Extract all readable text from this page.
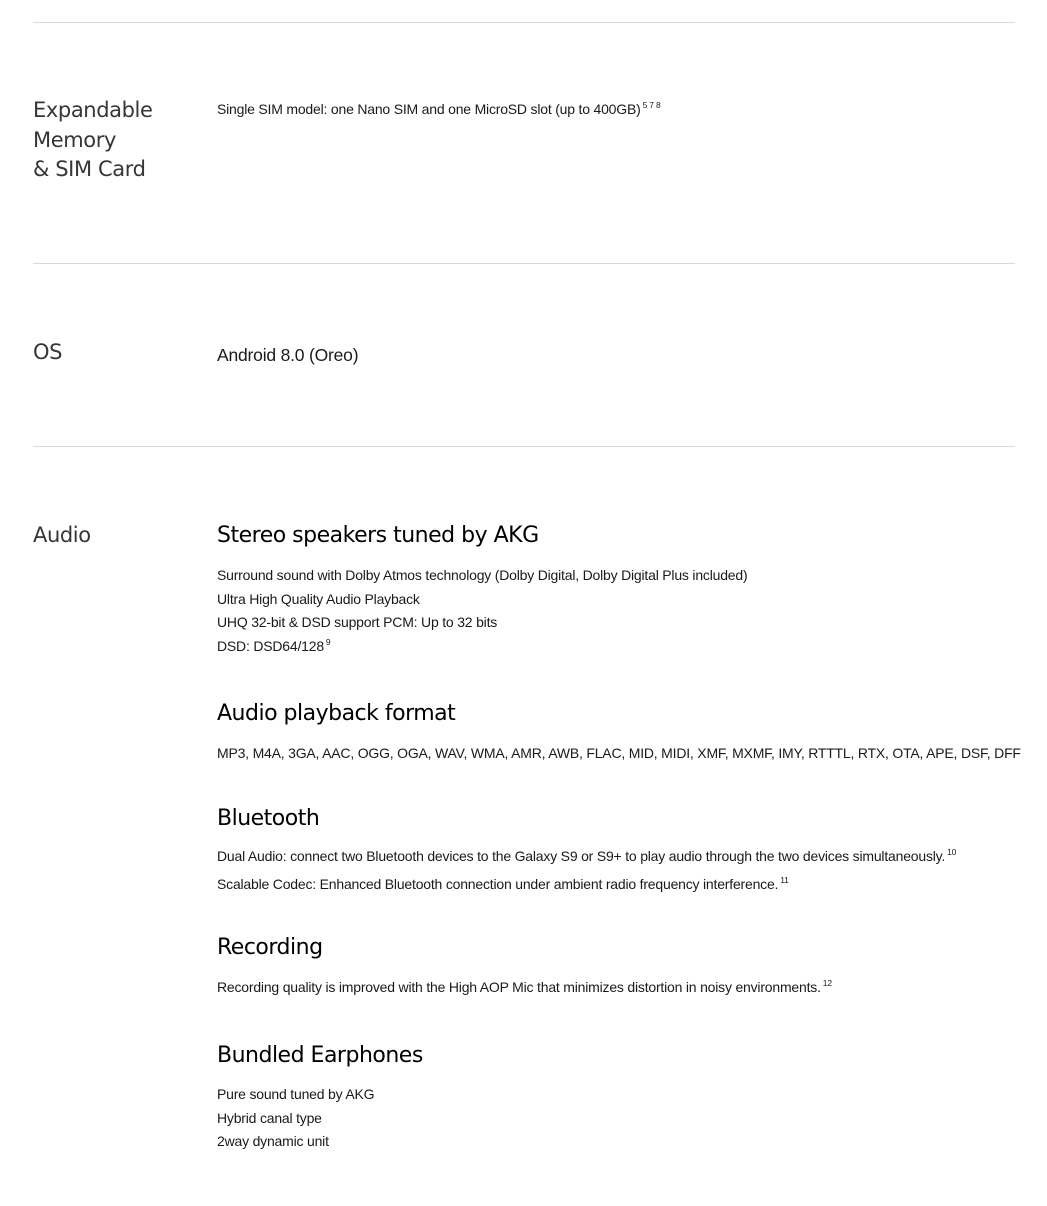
Expandable
Memory
& SIM Card

Single SIM model: one Nano SIM and one MicroSD slot (up to 400GB) $^{5 7 8}$

OS	Android 8.0 (Oreo)
Audio	Stereo speakers tuned by AKG
Surround sound with Dolby Atmos technology (Dolby Digital, Dolby Digital Plus included)
Ultra High Quality Audio Playback
UHQ 32-bit & DSD support PCM: Up to 32 bits
DSD: DSD64/128 $^9$
Audio playback format
MP3, M4A, 3GA, AAC, OGG, OGA, WAV, WMA, AMR, AWB, FLAC, MID, MIDI, XMF, MXMF, IMY, RTTTL, RTX, OTA, APE, DSF, DFF
Bluetooth
Dual Audio: connect two Bluetooth devices to the Galaxy S9 or S9+ to play audio through the two devices simultaneously. $^{10}$
Scalable Codec: Enhanced Bluetooth connection under ambient radio frequency interference. $^{11}$
Recording
Recording quality is improved with the High AOP Mic that minimizes distortion in noisy environments. $^{12}$
Bundled Earphones
Pure sound tuned by AKG
Hybrid canal type
2way dynamic unit
